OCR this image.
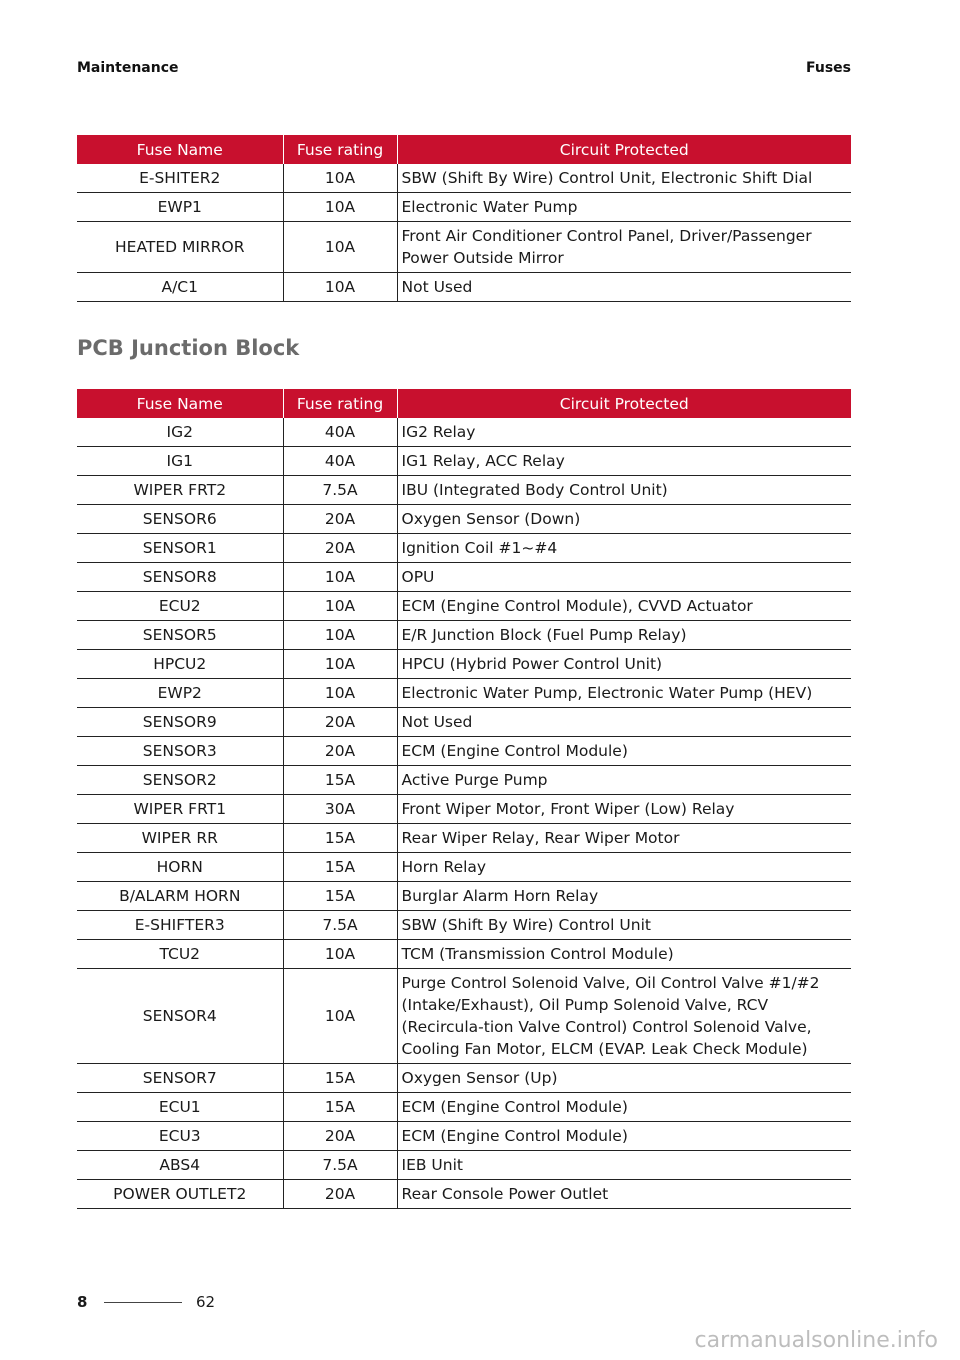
Maintenance	Fuses
Fuse Name	Fuse rating	Circuit Protected
E-SHITER2	10A	SBW (Shift By Wire) Control Unit, Electronic Shift Dial
EWP1	10A	Electronic Water Pump
HEATED MIRROR	10A	Front Air Conditioner Control Panel, Driver/Passenger Power Outside Mirror
A/C1	10A	Not Used
PCB Junction Block
Fuse Name	Fuse rating	Circuit Protected
IG2	40A	IG2 Relay
IG1	40A	IG1 Relay, ACC Relay
WIPER FRT2	7.5A	IBU (Integrated Body Control Unit)
SENSOR6	20A	Oxygen Sensor (Down)
SENSOR1	20A	Ignition Coil #1~#4
SENSOR8	10A	OPU
ECU2	10A	ECM (Engine Control Module), CVVD Actuator
SENSOR5	10A	E/R Junction Block (Fuel Pump Relay)
HPCU2	10A	HPCU (Hybrid Power Control Unit)
EWP2	10A	Electronic Water Pump, Electronic Water Pump (HEV)
SENSOR9	20A	Not Used
SENSOR3	20A	ECM (Engine Control Module)
SENSOR2	15A	Active Purge Pump
WIPER FRT1	30A	Front Wiper Motor, Front Wiper (Low) Relay
WIPER RR	15A	Rear Wiper Relay, Rear Wiper Motor
HORN	15A	Horn Relay
B/ALARM HORN	15A	Burglar Alarm Horn Relay
E-SHIFTER3	7.5A	SBW (Shift By Wire) Control Unit
TCU2	10A	TCM (Transmission Control Module)
SENSOR4	10A	Purge Control Solenoid Valve, Oil Control Valve #1/#2 (Intake/Exhaust), Oil Pump Solenoid Valve, RCV (Recircula-tion Valve Control) Control Solenoid Valve, Cooling Fan Motor, ELCM (EVAP. Leak Check Module)
SENSOR7	15A	Oxygen Sensor (Up)
ECU1	15A	ECM (Engine Control Module)
ECU3	20A	ECM (Engine Control Module)
ABS4	7.5A	IEB Unit
POWER OUTLET2	20A	Rear Console Power Outlet
8	62
carmanualsonline.info
